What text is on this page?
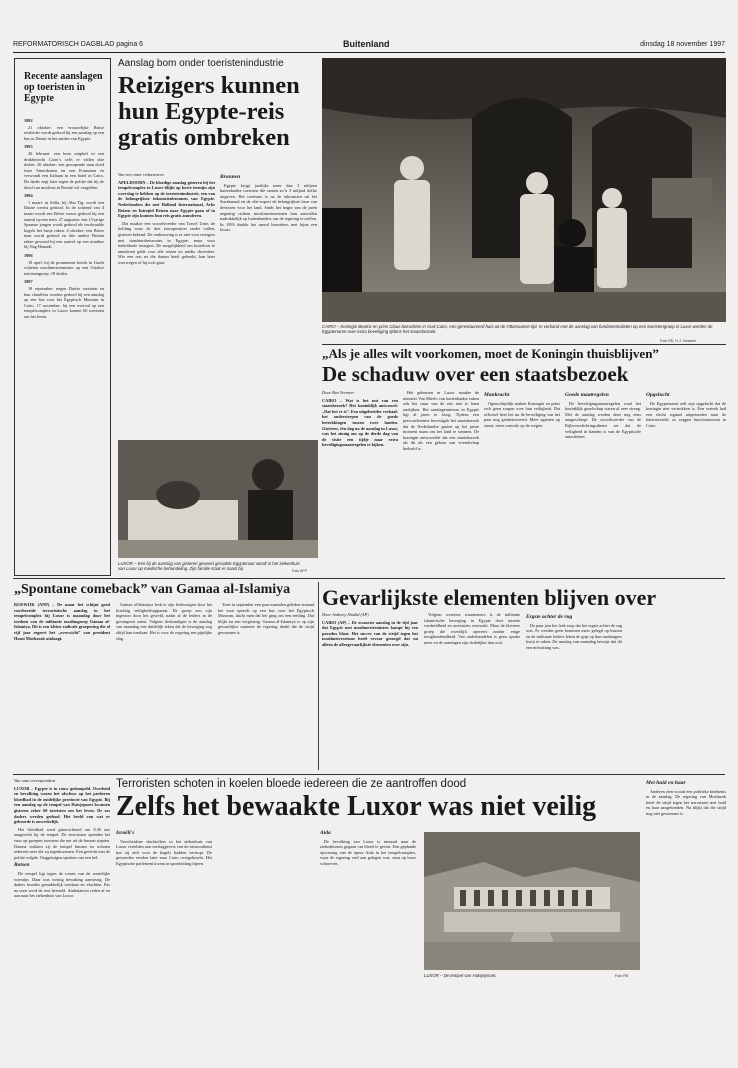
REFORMATORISCH DAGBLAD pagina 6	Buitenland	dinsdag 18 november 1997
Recente aanslagen op toeristen in Egypte
1992

21 oktober: een vrouwelijke Britse reisleider wordt gedood bij een aanslag op een bus in Dairut in het zuiden van Egypte.

1993

26 februari: een bom ontploft in een drukbezocht Cairo’s café; er vallen drie doden. 26 oktober: een gewapende man dood twee Amerikanen en een Fransman en verwondt een Italiaan in een hotel in Cairo. De dader zegt later tegen de politie dat hij de dood van moslims in Bosnië wil vergelden.

1994

1 maart: in Sidfa, bij Abu Tig, wordt een Duitse toerist gedood. In de ochtend van 4 maart wordt een Britse vrouw gedood bij een aanval op een trein. 27 augustus: een 13-jarige Spaanse jongen wordt gedood als verdwaalde kogels het busje raken. 4 oktober: een Britse man wordt gedood en drie andere Britten raken gewond bij een aanval op een minibus bij Nag Hamadi.

1996

18 april: bij de prominente hotels in Gizeh schieten moslimextremisten op een Griekse toeristengroep: 18 doden.

1997

18 september: negen Duitse toeristen en hun chauffeur worden gedood bij een aanslag op een bus voor het Egyptisch Museum in Cairo. 17 november: bij een overval op een tempelcomplex in Luxor komen 60 toeristen om het leven.

Aanslag bom onder toeristenindustrie
Reizigers kunnen hun Egypte-reis gratis ombreken

Van een onzer redacteuren

APELDOORN – De bloedige aanslag gisteren bij het tempelcomplex in Luxor blijkt op korte termijn zijn weerslag te hebben op de toeristenindustrie, een van de belangrijkste inkomstenbronnen van Egypte. Nederlanders die met Holland International, Arke Reizen en Intrepid Reizen naar Egypte gaan of in Egypte zijn kunnen hun reis gratis annuleren.

Dat maakte een woordvoerder van Travel Unie, de holding waar de drie touroperators onder vallen, gisteren bekend. De ombouwing is er niet voor reizigers met standaardreisroutes in Egypte, maar voor individuele reizigers. De mogelijkheid om kosteloos te annuleren geldt voor alle reizen tot medio december. Wie een reis na die datum heeft geboekt, kan later overwegen of hij toch gaat.

Bronnen

Egypte krijgt jaarlijks meer dan 3 miljoen buitenlandse toeristen die samen zo’n 3 miljard dollar uitgeven. Het toerisme is na de inkomsten uit het Suezkanaal en de olie-export de belangrijkste bron van deviezen voor het land. Sinds het begin van de jaren negentig richten moslimextremisten hun aanvallen nadrukkelijk op buitenlanders om de regering te treffen. In 1993 daalde het aantal bezoekers met bijna een kwart.

LUXOR – Een bij de aanslag van gisteren gewond geraakte Egyptenaar wordt in het ziekenhuis van Luxor op medische behandeling. Zijn familie staat er naast bij.	Foto AFP
CAIRO – Koningin Beatrix en prins Claus bezochten in Oud-Cairo, een gerestaureerd huis uit de Ottomaanse tijd. In verband met de aanslag van fundamentalisten op een toeristengroep in Luxor werden de Egyptenaren over extra beveiliging tijdens het staatsbezoek.
Foto RD, H.J. Visscher
„Als je alles wilt voorkomen, moet de Koningin thuisblijven”
De schaduw over een staatsbezoek

Door Bea Vermeer

CAIRO – Wat is het nut van een staatsbezoek? Het koninklijk antwoord: „Dat het er is”. Een uitgebreider verhaal: het onderstrepen van de goede betrekkingen tussen twee landen. Gisteren, één dag na de aanslag in Luxor, was het zinnig om op de derde dag van de visite een tijdje naar extra beveiligingsmaatregelen te kijken.

Het geleurten in Luxor maakte de minister Van Mierlo van buitenlandse zaken ook het stuur van de reis niet te laten omkijken. Het aanslagenniveau in Egypte ligt al jaren te hoog. Tijdens een persconferentie bevestigde het staatsbezoek dat de Nederlandse gasten op het juiste moment staan om het land te steunen. De koningin antwoordde dat een staatsbezoek als dit als een gebaar van vriendschap bedoeld is.

Mankracht

Ogenschijnlijk maken Koningin en prins zich geen zorgen over hun veiligheid. Dat officieel heet het nu de beveiliging van het paar nog geïntensiveerd. Meer agenten op straat, meer controle op de wegen.

Goede maatregelen

De beveiligingsmaatregelen rond het koninklijk gezelschap waren al zeer streng. Met de aanslag werden deze nog eens aangescherpt. De woordvoerder van de Rijksvoorlichtingsdienst zei dat de veiligheid in handen is van de Egyptische autoriteiten.

Opgelucht

De Egyptenaren zelf zijn opgelucht dat de koningin niet vertrokken is. Een vertrek had een slecht signaal uitgezonden naar de buitenwereld, zo zeggen functionarissen in Cairo.

„Spontane comeback” van Gamaa al-Islamiya

RIJSWIJK (ANP) – De maar het schijnt goed voorbereide terroristische aanslag in het tempelcomplex bij Luxor is maandag door het toedoen van de militante moslimgroep Gamaa al-Islamiya. Dit is een kleine radicale groepering die al vijf jaar regeert het „overwicht” van president Hosni Moebarak uitdaagt.

Gamaa al-Islamiya leek te zijn bedwongen door het krachtig veiligheidsapparaat. De groep zou zijn ingestort door het geweld, nadat al de leiders in de gevangenis zaten. Volgens deskundigen is de aanslag van maandag een duidelijk teken dat de beweging nog altijd kan toeslaan. Het is voor de regering een pijnlijke slag.

Toen in september een paar maanden geleden iemand het vuur opende op een bus voor het Egyptisch Museum, dacht men dat het ging om een eenling. Dat blijkt nu een vergissing. Gamaa al-Islamiya is op zijn gevaarlijkst wanneer de regering denkt dat de strijd gewonnen is.

Gevarlijkste elementen blijven over

Door Anthony Shadid (AP)

CAIRO (AP) – De zwaarste aanslag in de tijd jaar dat Egypte met moslimextremisten kampt bij een paradox bloot. Het succes van de strijd tegen het moslimterrorisme heeft ervoor gezorgd dat nu alleen de allergevaarlijkste elementen over zijn.

Volgens westerse waarnemers is de militante islamitische beweging in Egypte door interne verdeeldheid en arrestaties verzwakt. Maar de kleinere groep die overblijft opereert zonder enige terughoudendheid. Van onderhandelen is geen sprake meer en de aanslagen zijn dodelijker dan ooit.

Ergste achter de rug

De paar jaar het leek erop dat het ergste achter de rug was. Er werden geen bommen meer gelegd op bussen en de militante leiders leken de grip op hun aanhangers kwijt te raken. De aanslag van maandag bewijst dat dit een misvatting was.

Van onze correspondent

LUXOR – Egypte is in rouw gedompeld. Overheid en bevolking waren het afschuw op het proberen bloedbad in de zuidelijke provincie van Egypte. Bij een aanslag op de tempel van Hatsjepsoet kwamen gisteren zeker 60 toeristen om het leven. De zes daders werden gedood. Het beeld van wat er gebeurde is onwerkelijk.

Het bloedbad werd gisterochtend om 8.30 uur aangericht bij de tempel. De terroristen openden het vuur op groepen toeristen die net uit de bussen stapten. Daarna trokken zij de tempel binnen en schoten iedereen neer die zij tegenkwamen. Een gevecht met de politie volgde. Ooggetuigen spraken van een hel.

Rotsen

De tempel ligt tegen de rotsen van de westelijke woestijn. Daar was weinig bewaking aanwezig. De daders konden gemakkelijk toeslaan en vluchten. Pas na uren werd de rust hersteld. Ambulances reden af en aan naar het ziekenhuis van Luxor.

Terroristen schoten in koelen bloede iedereen die ze aantroffen dood
Zelfs het bewaakte Luxor was niet veilig
Israëli's

Verscheidene slachtoffers in het ziekenhuis van Luxor vertelden aan verslaggevers van de nieuwsdienst hoe zij zich voor de kogels hadden verstopt. De gewonden werden later naar Cairo overgebracht. Het Egyptische parlement kwam in spoedzitting bijeen.

Aida

De bevolking van Luxor is massaal naar de ziekenhuizen gegaan om bloed te geven. Een geplande opvoering van de opera Aida in het tempelcomplex, waar de regering veel aan gelegen was, staat op losse schroeven.

LUXOR – De tempel van Hatsjepsoet.	Foto RN

Met huid en haar

Anderen zien vooral een politieke betekenis in de aanslag. De regering van Moebarak heeft de strijd tegen het terrorisme met huid en haar aangebonden. Nu blijkt dat die strijd nog niet gewonnen is.
